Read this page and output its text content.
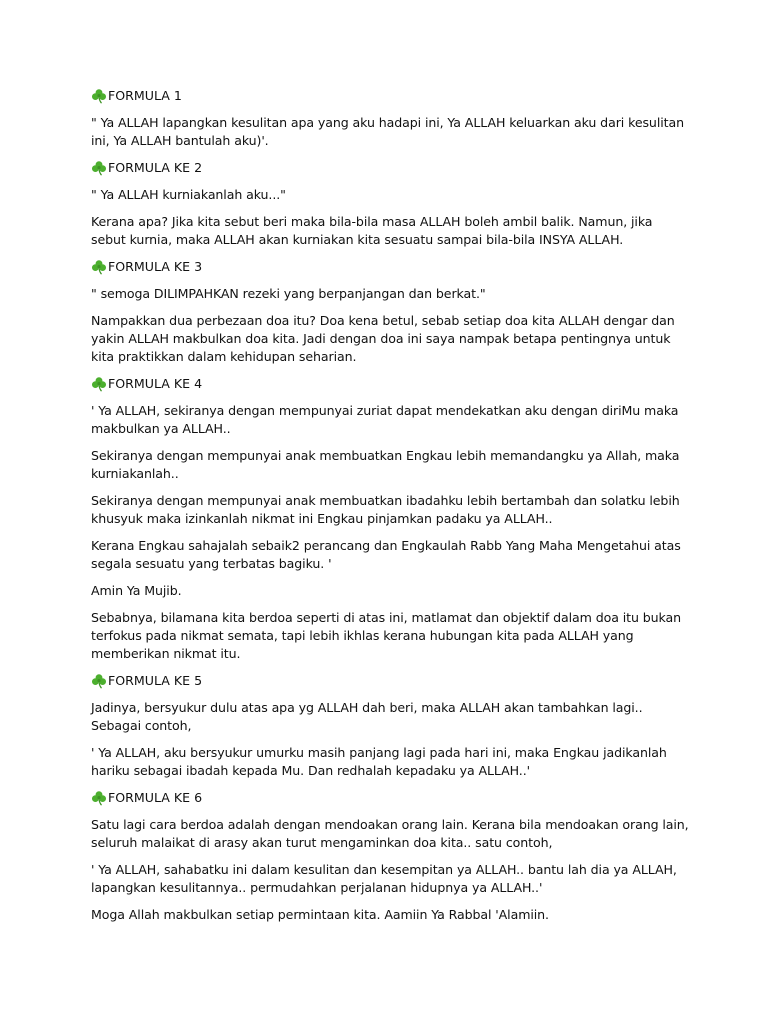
FORMULA 1

" Ya ALLAH lapangkan kesulitan apa yang aku hadapi ini, Ya ALLAH keluarkan aku dari kesulitan ini, Ya ALLAH bantulah aku)'.

FORMULA KE 2

" Ya ALLAH kurniakanlah aku..."

Kerana apa? Jika kita sebut beri maka bila-bila masa ALLAH boleh ambil balik. Namun, jika sebut kurnia, maka ALLAH akan kurniakan kita sesuatu sampai bila-bila INSYA ALLAH.

FORMULA KE 3

" semoga DILIMPAHKAN rezeki yang berpanjangan dan berkat."

Nampakkan dua perbezaan doa itu? Doa kena betul, sebab setiap doa kita ALLAH dengar dan yakin ALLAH makbulkan doa kita. Jadi dengan doa ini saya nampak betapa pentingnya untuk kita praktikkan dalam kehidupan seharian.

FORMULA KE 4

' Ya ALLAH, sekiranya dengan mempunyai zuriat dapat mendekatkan aku dengan diriMu maka makbulkan ya ALLAH..

Sekiranya dengan mempunyai anak membuatkan Engkau lebih memandangku ya Allah, maka kurniakanlah..

Sekiranya dengan mempunyai anak membuatkan ibadahku lebih bertambah dan solatku lebih khusyuk maka izinkanlah nikmat ini Engkau pinjamkan padaku ya ALLAH..

Kerana Engkau sahajalah sebaik2 perancang dan Engkaulah Rabb Yang Maha Mengetahui atas segala sesuatu yang terbatas bagiku. '

Amin Ya Mujib.

Sebabnya, bilamana kita berdoa seperti di atas ini, matlamat dan objektif dalam doa itu bukan terfokus pada nikmat semata, tapi lebih ikhlas kerana hubungan kita pada ALLAH yang memberikan nikmat itu.

FORMULA KE 5

Jadinya, bersyukur dulu atas apa yg ALLAH dah beri, maka ALLAH akan tambahkan lagi.. Sebagai contoh,

' Ya ALLAH, aku bersyukur umurku masih panjang lagi pada hari ini, maka Engkau jadikanlah hariku sebagai ibadah kepada Mu. Dan redhalah kepadaku ya ALLAH..'

FORMULA KE 6

Satu lagi cara berdoa adalah dengan mendoakan orang lain. Kerana bila mendoakan orang lain, seluruh malaikat di arasy akan turut mengaminkan doa kita.. satu contoh,

' Ya ALLAH, sahabatku ini dalam kesulitan dan kesempitan ya ALLAH.. bantu lah dia ya ALLAH, lapangkan kesulitannya.. permudahkan perjalanan hidupnya ya ALLAH..'

Moga Allah makbulkan setiap permintaan kita. Aamiin Ya Rabbal 'Alamiin.
